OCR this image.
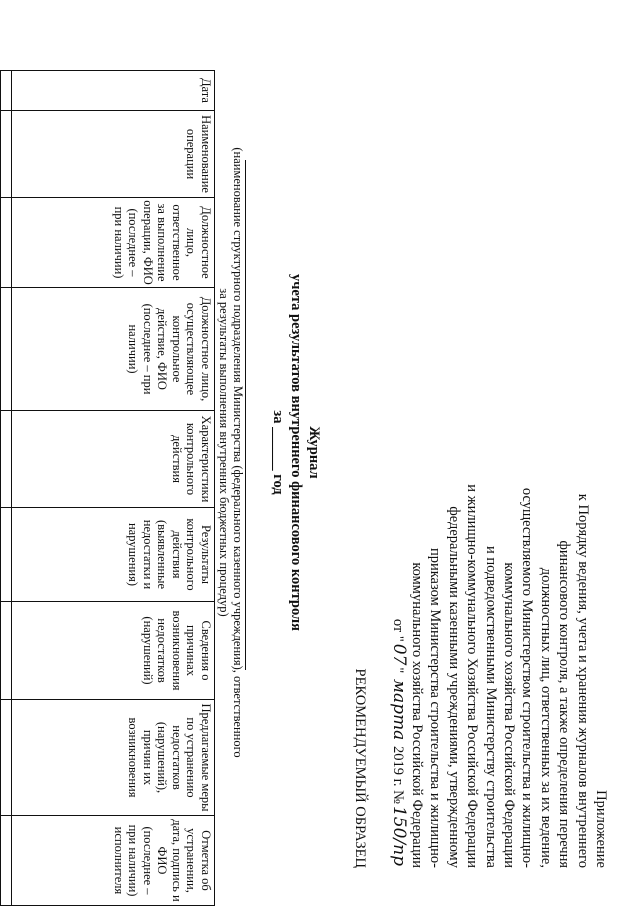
Приложение
к Порядку ведения, учета и хранения журналов внутреннего
финансового контроля, а также определения перечня
должностных лиц, ответственных за их ведение,
осуществляемого Министерством строительства и жилищно-
коммунального хозяйства Российской Федерации
и подведомственными Министерству строительства
и жилищно-коммунального Хозяйства Российской Федерации
федеральными казенными учреждениями, утвержденному
приказом Министерства строительства и жилищно-
коммунального хозяйства Российской Федерации
от "07" марта 2019 г. №150/пр
РЕКОМЕНДУЕМЫЙ ОБРАЗЕЦ
Журнал
учета результатов внутреннего финансового контроля
за ______ год
(наименование структурного подразделения Министерства (федерального казенного учреждения), ответственного
за результаты выполнения внутренних бюджетных процедур)
Дата	Наименование операции	Должностное лицо, ответственное за выполнение операции, ФИО (последнее – при наличии)	Должностное лицо, осуществляющее контрольное действие, ФИО (последнее – при наличии)	Характеристики контрольного действия	Результаты контрольного действия (выявленные недостатки и нарушения)	Сведения о причинах возникновения недостатков (нарушений)	Предлагаемые меры по устранению недостатков (нарушений), причин их возникновения	Отметка об устранении, дата, подпись и ФИО (последнее – при наличии) исполнителя
